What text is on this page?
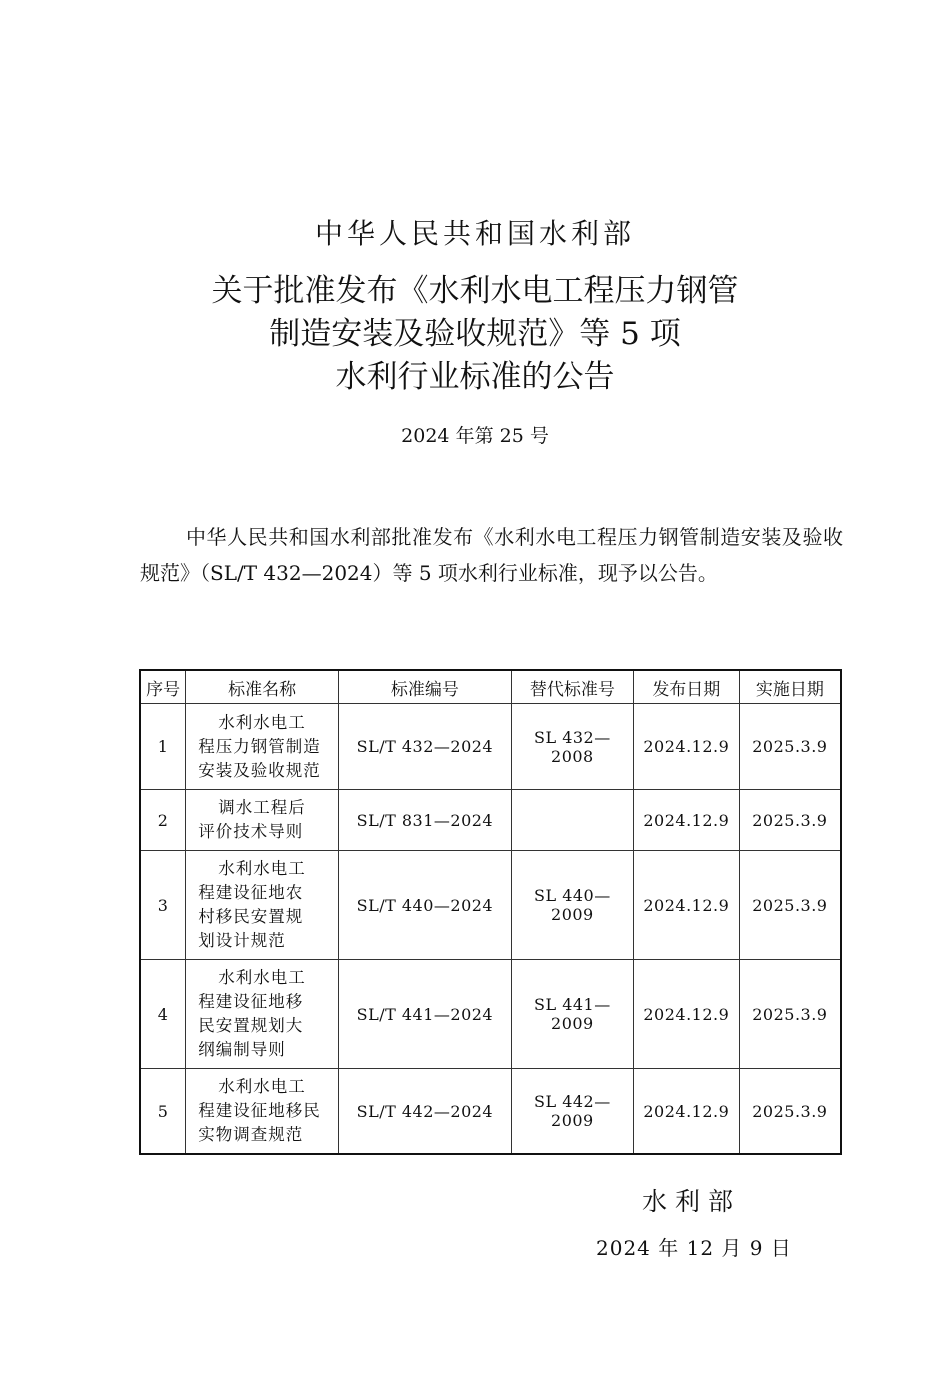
中华人民共和国水利部
关于批准发布《水利水电工程压力钢管
制造安装及验收规范》等 5 项
水利行业标准的公告
2024 年第 25 号

中华人民共和国水利部批准发布《水利水电工程压力钢管制造安装及验收规范》（SL/T 432—2024）等 5 项水利行业标准，现予以公告。

序号	标准名称	标准编号	替代标准号	发布日期	实施日期
1	水利水电工
程压力钢管制造
安装及验收规范	SL/T 432—2024	SL 432—2008	2024.12.9	2025.3.9
2	调水工程后
评价技术导则	SL/T 831—2024		2024.12.9	2025.3.9
3	水利水电工
程建设征地农
村移民安置规
划设计规范	SL/T 440—2024	SL 440—2009	2024.12.9	2025.3.9
4	水利水电工
程建设征地移
民安置规划大
纲编制导则	SL/T 441—2024	SL 441—2009	2024.12.9	2025.3.9
5	水利水电工
程建设征地移民
实物调查规范	SL/T 442—2024	SL 442—2009	2024.12.9	2025.3.9
水利部
2024 年 12 月 9 日
